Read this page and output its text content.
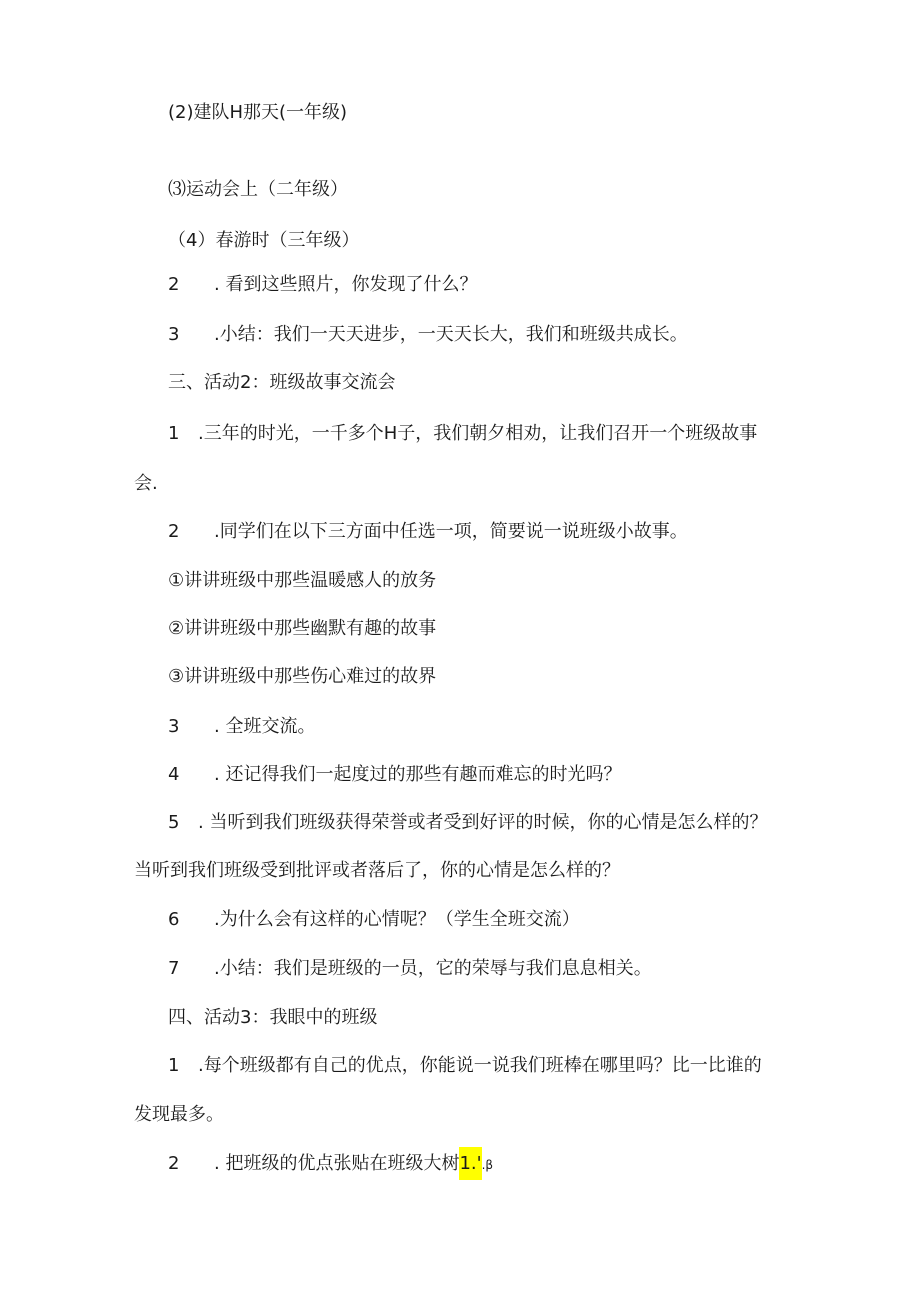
(2)建队H那天(一年级)
⑶运动会上（二年级）
（4）春游时（三年级）
2 . 看到这些照片，你发现了什么？
3 .小结：我们一天天进步，一天天长大，我们和班级共成长。
三、活动2：班级故事交流会
1 .三年的时光，一千多个H子，我们朝夕相劝，让我们召开一个班级故事
会.
2 .同学们在以下三方面中任选一项，简要说一说班级小故事。
①讲讲班级中那些温暖感人的放务
②讲讲班级中那些幽默有趣的故事
③讲讲班级中那些伤心难过的故界
3 . 全班交流。
4 . 还记得我们一起度过的那些有趣而难忘的时光吗？
5 . 当听到我们班级获得荣誉或者受到好评的时候，你的心情是怎么样的？
当听到我们班级受到批评或者落后了，你的心情是怎么样的？
6 .为什么会有这样的心情呢？（学生全班交流）
7 .小结：我们是班级的一员，它的荣辱与我们息息相关。
四、活动3：我眼中的班级
1 .每个班级都有自己的优点，你能说一说我们班棒在哪里吗？比一比谁的
发现最多。
2 . 把班级的优点张贴在班级大树1.'.β
